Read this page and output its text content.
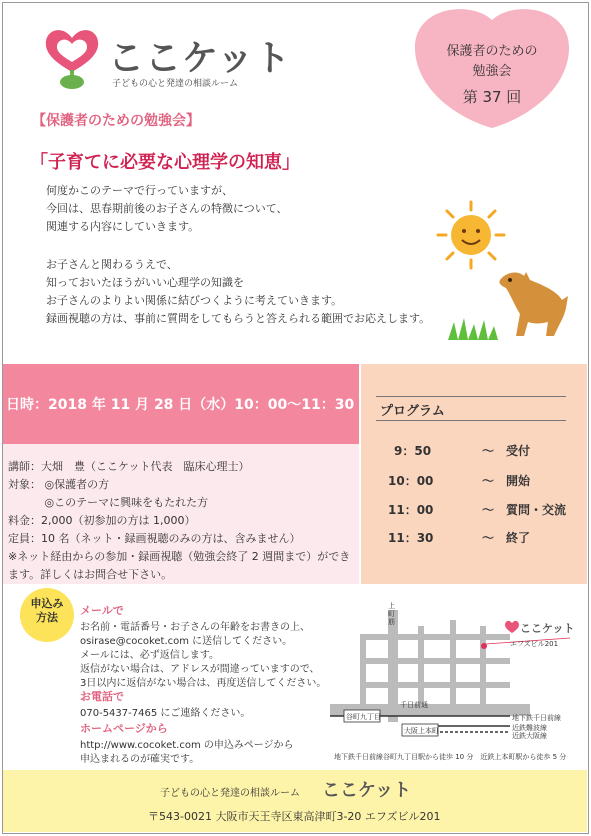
ここケット
子どもの心と発達の相談ルーム
保護者のための
勉強会
第 37 回
【保護者のための勉強会】
「子育てに必要な心理学の知恵」
何度かこのテーマで行っていますが、
今回は、思春期前後のお子さんの特徴について、
関連する内容にしていきます。
お子さんと関わるうえで、
知っておいたほうがいい心理学の知識を
お子さんのよりよい関係に結びつくように考えていきます。
録画視聴の方は、事前に質問をしてもらうと答えられる範囲でお応えします。
日時：2018 年 11 月 28 日（水）10：00〜11：30
講師：大畑　豊（ここケット代表　臨床心理士）
対象： ◎保護者の方
　　　 ◎このテーマに興味をもたれた方
料金：2,000（初参加の方は 1,000）
定員：10 名（ネット・録画視聴のみの方は、含みません）
※ネット経由からの参加・録画視聴（勉強会終了 2 週間まで）ができ
ます。詳しくはお問合せ下さい。
プログラム
9：50	〜 受付
10：00	〜 開始
11：00	〜 質問・交流
11：30	〜 終了
申込み
方法
メールで
お名前・電話番号・お子さんの年齢をお書きの上、
osirase@cocoket.com に送信してください。
メールには、必ず返信します。
返信がない場合は、アドレスが間違っていますので、
3日以内に返信がない場合は、再度送信してください。
お電話で
070-5437-7465 にご連絡ください。
ホームページから
http://www.cocoket.com の申込みページから
申込まれるのが確実です。
上町筋	ここケット
エフズビル201
千日前通
谷町九丁目
大阪上本町
地下鉄千日前線
近鉄難波線
近鉄大阪線
地下鉄千日前線谷町九丁目駅から徒歩 10 分　近鉄上本町駅から徒歩 5 分
子どもの心と発達の相談ルーム ここケット
〒543-0021 大阪市天王寺区東高津町3-20 エフズビル201
